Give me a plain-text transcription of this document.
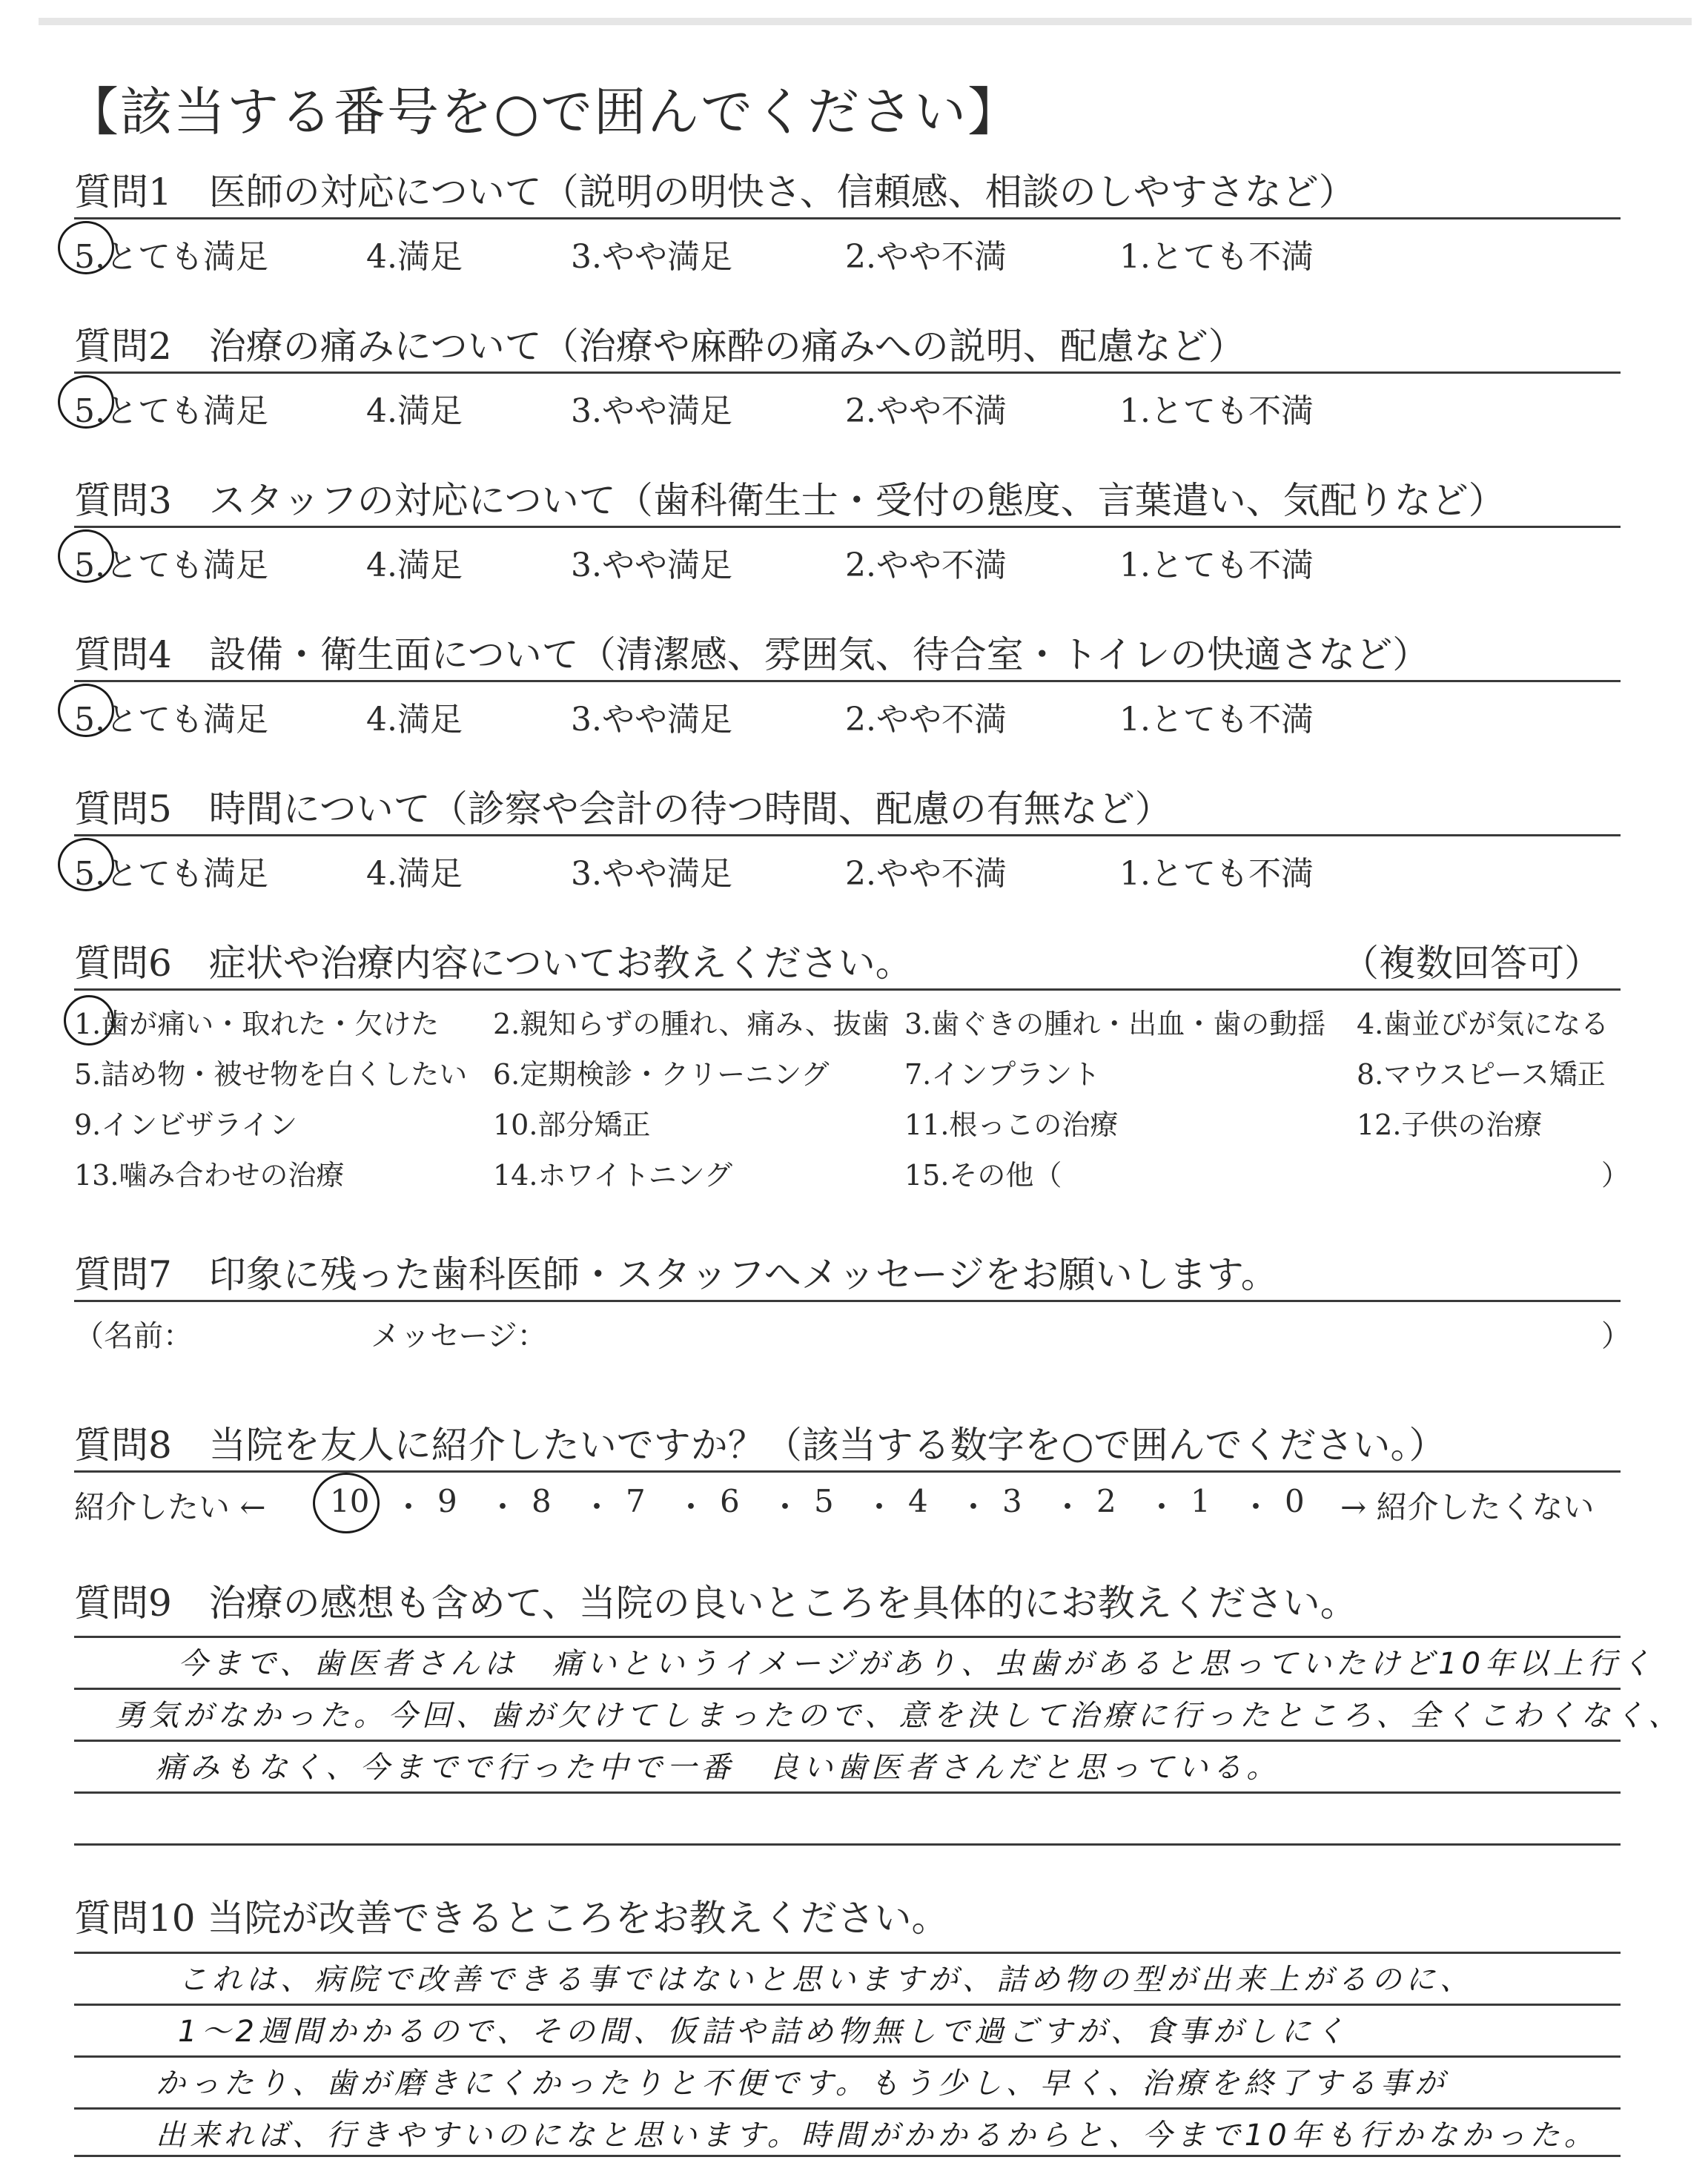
【該当する番号を○で囲んでください】
質問1　医師の対応について（説明の明快さ、信頼感、相談のしやすさなど）
5.とても満足	4.満足	3.やや満足	2.やや不満	1.とても不満
質問2　治療の痛みについて（治療や麻酔の痛みへの説明、配慮など）
5.とても満足	4.満足	3.やや満足	2.やや不満	1.とても不満
質問3　スタッフの対応について（歯科衛生士・受付の態度、言葉遣い、気配りなど）
5.とても満足	4.満足	3.やや満足	2.やや不満	1.とても不満
質問4　設備・衛生面について（清潔感、雰囲気、待合室・トイレの快適さなど）
5.とても満足	4.満足	3.やや満足	2.やや不満	1.とても不満
質問5　時間について（診察や会計の待つ時間、配慮の有無など）
5.とても満足	4.満足	3.やや満足	2.やや不満	1.とても不満
質問6　症状や治療内容についてお教えください。	（複数回答可）
1.歯が痛い・取れた・欠けた 2.親知らずの腫れ、痛み、抜歯 3.歯ぐきの腫れ・出血・歯の動揺 4.歯並びが気になる
5.詰め物・被せ物を白くしたい 6.定期検診・クリーニング	7.インプラント	8.マウスピース矯正
9.インビザライン	10.部分矯正	11.根っこの治療	12.子供の治療
13.噛み合わせの治療	14.ホワイトニング	15.その他（	）
質問7　印象に残った歯科医師・スタッフへメッセージをお願いします。
（名前：	メッセージ：	）
質問8　当院を友人に紹介したいですか？（該当する数字を○で囲んでください。）
紹介したい ← 10 ・ 9 ・ 8 ・ 7 ・ 6 ・ 5 ・ 4 ・ 3 ・ 2 ・ 1 ・ 0 → 紹介したくない
質問9　治療の感想も含めて、当院の良いところを具体的にお教えください。
今まで、歯医者さんは　痛いというイメージがあり、虫歯があると思っていたけど10年以上行く
勇気がなかった。今回、歯が欠けてしまったので、意を決して治療に行ったところ、全くこわくなく、
痛みもなく、今までで行った中で一番　良い歯医者さんだと思っている。
質問10 当院が改善できるところをお教えください。
これは、病院で改善できる事ではないと思いますが、詰め物の型が出来上がるのに、
1〜2週間かかるので、その間、仮詰や詰め物無しで過ごすが、食事がしにく
かったり、歯が磨きにくかったりと不便です。もう少し、早く、治療を終了する事が
出来れば、行きやすいのになと思います。時間がかかるからと、今まで10年も行かなかった。
